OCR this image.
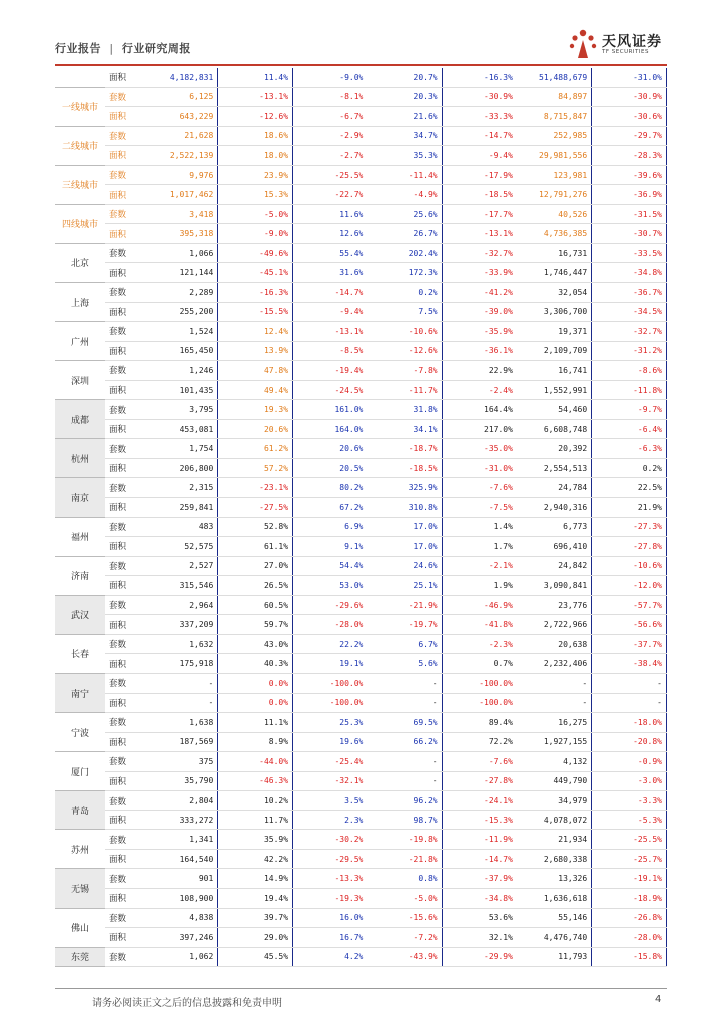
行业报告 | 行业研究周报	天风证券
TF SECURITIES
	面积	4,182,831	11.4%	-9.0%	20.7%	-16.3%	51,488,679	-31.0%
一线城市	套数	6,125	-13.1%	-8.1%	20.3%	-30.9%	84,897	-30.9%
	面积	643,229	-12.6%	-6.7%	21.6%	-33.3%	8,715,847	-30.6%
二线城市	套数	21,628	18.6%	-2.9%	34.7%	-14.7%	252,985	-29.7%
	面积	2,522,139	18.0%	-2.7%	35.3%	-9.4%	29,981,556	-28.3%
三线城市	套数	9,976	23.9%	-25.5%	-11.4%	-17.9%	123,981	-39.6%
	面积	1,017,462	15.3%	-22.7%	-4.9%	-18.5%	12,791,276	-36.9%
四线城市	套数	3,418	-5.0%	11.6%	25.6%	-17.7%	40,526	-31.5%
	面积	395,318	-9.0%	12.6%	26.7%	-13.1%	4,736,385	-30.7%
北京	套数	1,066	-49.6%	55.4%	202.4%	-32.7%	16,731	-33.5%
	面积	121,144	-45.1%	31.6%	172.3%	-33.9%	1,746,447	-34.8%
上海	套数	2,289	-16.3%	-14.7%	0.2%	-41.2%	32,054	-36.7%
	面积	255,200	-15.5%	-9.4%	7.5%	-39.0%	3,306,700	-34.5%
广州	套数	1,524	12.4%	-13.1%	-10.6%	-35.9%	19,371	-32.7%
	面积	165,450	13.9%	-8.5%	-12.6%	-36.1%	2,109,709	-31.2%
深圳	套数	1,246	47.8%	-19.4%	-7.8%	22.9%	16,741	-8.6%
	面积	101,435	49.4%	-24.5%	-11.7%	-2.4%	1,552,991	-11.8%
成都	套数	3,795	19.3%	161.0%	31.8%	164.4%	54,460	-9.7%
	面积	453,081	20.6%	164.0%	34.1%	217.0%	6,608,748	-6.4%
杭州	套数	1,754	61.2%	20.6%	-18.7%	-35.0%	20,392	-6.3%
	面积	206,800	57.2%	20.5%	-18.5%	-31.0%	2,554,513	0.2%
南京	套数	2,315	-23.1%	80.2%	325.9%	-7.6%	24,784	22.5%
	面积	259,841	-27.5%	67.2%	310.8%	-7.5%	2,940,316	21.9%
福州	套数	483	52.8%	6.9%	17.0%	1.4%	6,773	-27.3%
	面积	52,575	61.1%	9.1%	17.0%	1.7%	696,410	-27.8%
济南	套数	2,527	27.0%	54.4%	24.6%	-2.1%	24,842	-10.6%
	面积	315,546	26.5%	53.0%	25.1%	1.9%	3,090,841	-12.0%
武汉	套数	2,964	60.5%	-29.6%	-21.9%	-46.9%	23,776	-57.7%
	面积	337,209	59.7%	-28.0%	-19.7%	-41.8%	2,722,966	-56.6%
长春	套数	1,632	43.0%	22.2%	6.7%	-2.3%	20,638	-37.7%
	面积	175,918	40.3%	19.1%	5.6%	0.7%	2,232,406	-38.4%
南宁	套数	-	0.0%	-100.0%	-	-100.0%	-	-
	面积	-	0.0%	-100.0%	-	-100.0%	-	-
宁波	套数	1,638	11.1%	25.3%	69.5%	89.4%	16,275	-18.0%
	面积	187,569	8.9%	19.6%	66.2%	72.2%	1,927,155	-20.8%
厦门	套数	375	-44.0%	-25.4%	-	-7.6%	4,132	-0.9%
	面积	35,790	-46.3%	-32.1%	-	-27.8%	449,790	-3.0%
青岛	套数	2,804	10.2%	3.5%	96.2%	-24.1%	34,979	-3.3%
	面积	333,272	11.7%	2.3%	98.7%	-15.3%	4,078,072	-5.3%
苏州	套数	1,341	35.9%	-30.2%	-19.8%	-11.9%	21,934	-25.5%
	面积	164,540	42.2%	-29.5%	-21.8%	-14.7%	2,680,338	-25.7%
无锡	套数	901	14.9%	-13.3%	0.8%	-37.9%	13,326	-19.1%
	面积	108,900	19.4%	-19.3%	-5.0%	-34.8%	1,636,618	-18.9%
佛山	套数	4,838	39.7%	16.0%	-15.6%	53.6%	55,146	-26.8%
	面积	397,246	29.0%	16.7%	-7.2%	32.1%	4,476,740	-28.0%
东莞	套数	1,062	45.5%	4.2%	-43.9%	-29.9%	11,793	-15.8%
请务必阅读正文之后的信息披露和免责申明	4
